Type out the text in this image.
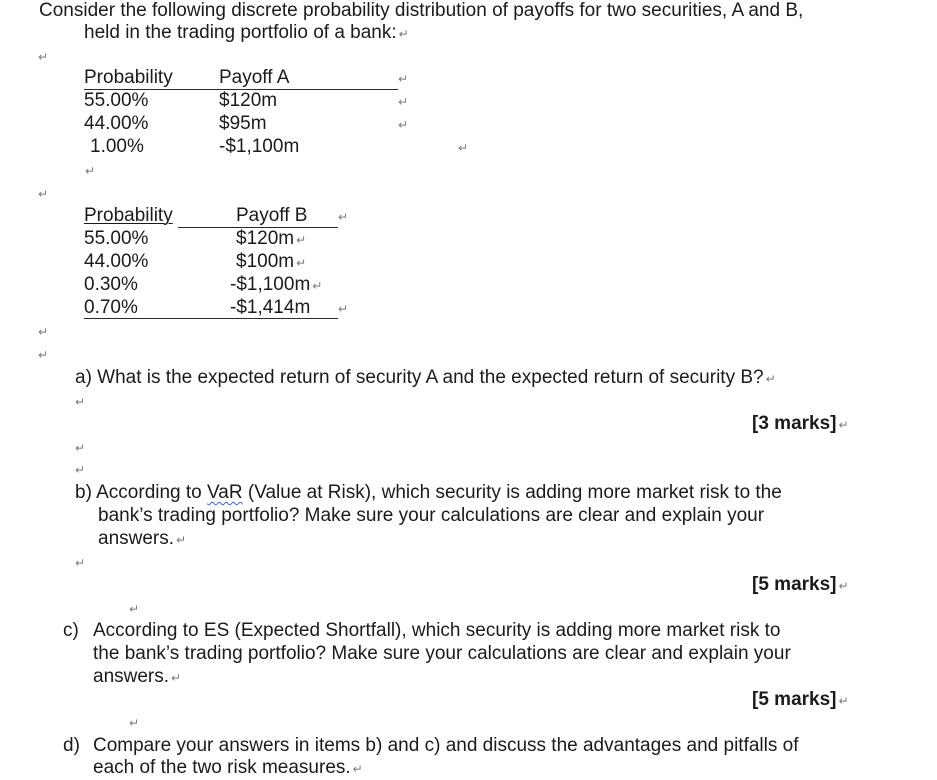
Consider the following discrete probability distribution of payoffs for two securities, A and B,
held in the trading portfolio of a bank: ↵
↵
Probability Payoff A	↵
55.00%	$120m	↵
44.00%	$95m	↵
1.00%	-$1,100m	↵
↵
↵
Probability	Payoff B	↵
55.00%	$120m ↵
44.00%	$100m ↵
0.30%	-$1,100m ↵
0.70%	-$1,414m ↵
↵
↵
a) What is the expected return of security A and the expected return of security B? ↵
↵
[3 marks] ↵
↵
↵
b) According to VaR (Value at Risk), which security is adding more market risk to the
bank’s trading portfolio? Make sure your calculations are clear and explain your
answers. ↵
↵
[5 marks] ↵
↵
c) According to ES (Expected Shortfall), which security is adding more market risk to
the bank’s trading portfolio? Make sure your calculations are clear and explain your
answers. ↵
[5 marks] ↵
↵
d) Compare your answers in items b) and c) and discuss the advantages and pitfalls of
each of the two risk measures. ↵
